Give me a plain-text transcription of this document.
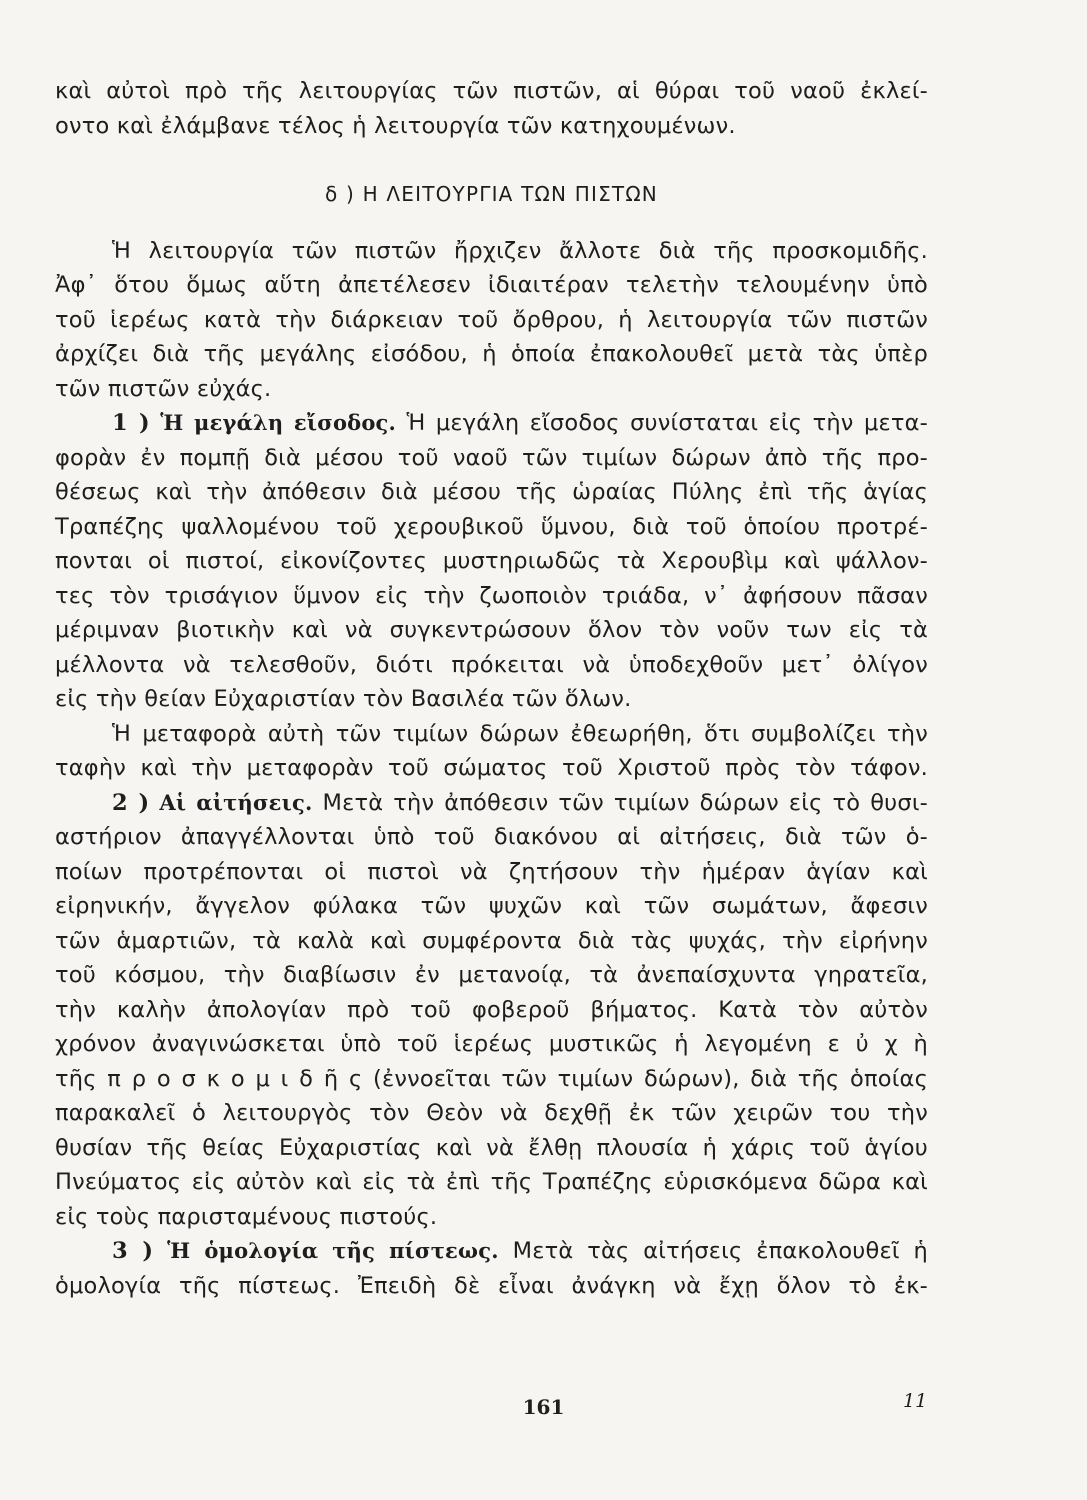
καὶ αὐτοὶ πρὸ τῆς λειτουργίας τῶν πιστῶν, αἱ θύραι τοῦ ναοῦ ἐκλεί-
οντο καὶ ἐλάμβανε τέλος ἡ λειτουργία τῶν κατηχουμένων.
δ ) Η ΛΕΙΤΟΥΡΓΙΑ ΤΩΝ ΠΙΣΤΩΝ
Ἡ λειτουργία τῶν πιστῶν ἤρχιζεν ἄλλοτε διὰ τῆς προσκομιδῆς.
Ἀφ᾽ ὅτου ὅμως αὕτη ἀπετέλεσεν ἰδιαιτέραν τελετὴν τελουμένην ὑπὸ
τοῦ ἱερέως κατὰ τὴν διάρκειαν τοῦ ὄρθρου, ἡ λειτουργία τῶν πιστῶν
ἀρχίζει διὰ τῆς μεγάλης εἰσόδου, ἡ ὁποία ἐπακολουθεῖ μετὰ τὰς ὑπὲρ
τῶν πιστῶν εὐχάς.
1 ) Ἡ μεγάλη εἴσοδος. Ἡ μεγάλη εἴσοδος συνίσταται εἰς τὴν μετα-
φορὰν ἐν πομπῇ διὰ μέσου τοῦ ναοῦ τῶν τιμίων δώρων ἀπὸ τῆς προ-
θέσεως καὶ τὴν ἀπόθεσιν διὰ μέσου τῆς ὡραίας Πύλης ἐπὶ τῆς ἁγίας
Τραπέζης ψαλλομένου τοῦ χερουβικοῦ ὕμνου, διὰ τοῦ ὁποίου προτρέ-
πονται οἱ πιστοί, εἰκονίζοντες μυστηριωδῶς τὰ Χερουβὶμ καὶ ψάλλον-
τες τὸν τρισάγιον ὕμνον εἰς τὴν ζωοποιὸν τριάδα, ν᾽ ἀφήσουν πᾶσαν
μέριμναν βιοτικὴν καὶ νὰ συγκεντρώσουν ὅλον τὸν νοῦν των εἰς τὰ
μέλλοντα νὰ τελεσθοῦν, διότι πρόκειται νὰ ὑποδεχθοῦν μετ᾽ ὀλίγον
εἰς τὴν θείαν Εὐχαριστίαν τὸν Βασιλέα τῶν ὅλων.
Ἡ μεταφορὰ αὐτὴ τῶν τιμίων δώρων ἐθεωρήθη, ὅτι συμβολίζει τὴν
ταφὴν καὶ τὴν μεταφορὰν τοῦ σώματος τοῦ Χριστοῦ πρὸς τὸν τάφον.
2 ) Αἱ αἰτήσεις. Μετὰ τὴν ἀπόθεσιν τῶν τιμίων δώρων εἰς τὸ θυσι-
αστήριον ἀπαγγέλλονται ὑπὸ τοῦ διακόνου αἱ αἰτήσεις, διὰ τῶν ὁ-
ποίων προτρέπονται οἱ πιστοὶ νὰ ζητήσουν τὴν ἡμέραν ἁγίαν καὶ
εἰρηνικήν, ἄγγελον φύλακα τῶν ψυχῶν καὶ τῶν σωμάτων, ἄφεσιν
τῶν ἁμαρτιῶν, τὰ καλὰ καὶ συμφέροντα διὰ τὰς ψυχάς, τὴν εἰρήνην
τοῦ κόσμου, τὴν διαβίωσιν ἐν μετανοίᾳ, τὰ ἀνεπαίσχυντα γηρατεῖα,
τὴν καλὴν ἀπολογίαν πρὸ τοῦ φοβεροῦ βήματος. Κατὰ τὸν αὐτὸν
χρόνον ἀναγινώσκεται ὑπὸ τοῦ ἱερέως μυστικῶς ἡ λεγομένη ε ὐ χ ὴ
τῆς π ρ ο σ κ ο μ ι δ ῆ ς (ἐννοεῖται τῶν τιμίων δώρων), διὰ τῆς ὁποίας
παρακαλεῖ ὁ λειτουργὸς τὸν Θεὸν νὰ δεχθῇ ἐκ τῶν χειρῶν του τὴν
θυσίαν τῆς θείας Εὐχαριστίας καὶ νὰ ἔλθῃ πλουσία ἡ χάρις τοῦ ἁγίου
Πνεύματος εἰς αὐτὸν καὶ εἰς τὰ ἐπὶ τῆς Τραπέζης εὑρισκόμενα δῶρα καὶ
εἰς τοὺς παρισταμένους πιστούς.
3 ) Ἡ ὁμολογία τῆς πίστεως. Μετὰ τὰς αἰτήσεις ἐπακολουθεῖ ἡ
ὁμολογία τῆς πίστεως. Ἐπειδὴ δὲ εἶναι ἀνάγκη νὰ ἔχῃ ὅλον τὸ ἐκ-
161	11
